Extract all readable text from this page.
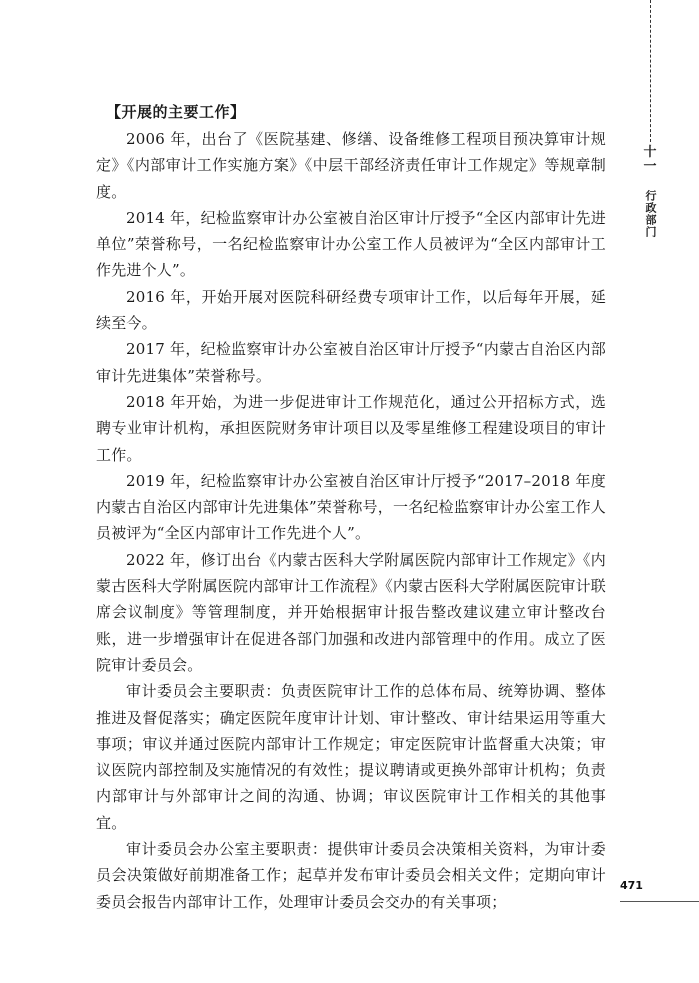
十一
行政部门
【开展的主要工作】

2006 年，出台了《医院基建、修缮、设备维修工程项目预决算审计规定》《内部审计工作实施方案》《中层干部经济责任审计工作规定》等规章制度。

2014 年，纪检监察审计办公室被自治区审计厅授予“全区内部审计先进单位”荣誉称号，一名纪检监察审计办公室工作人员被评为“全区内部审计工作先进个人”。

2016 年，开始开展对医院科研经费专项审计工作，以后每年开展，延续至今。

2017 年，纪检监察审计办公室被自治区审计厅授予“内蒙古自治区内部审计先进集体”荣誉称号。

2018 年开始，为进一步促进审计工作规范化，通过公开招标方式，选聘专业审计机构，承担医院财务审计项目以及零星维修工程建设项目的审计工作。

2019 年，纪检监察审计办公室被自治区审计厅授予“2017–2018 年度内蒙古自治区内部审计先进集体”荣誉称号，一名纪检监察审计办公室工作人员被评为“全区内部审计工作先进个人”。

2022 年，修订出台《内蒙古医科大学附属医院内部审计工作规定》《内蒙古医科大学附属医院内部审计工作流程》《内蒙古医科大学附属医院审计联席会议制度》等管理制度，并开始根据审计报告整改建议建立审计整改台账，进一步增强审计在促进各部门加强和改进内部管理中的作用。成立了医院审计委员会。

审计委员会主要职责：负责医院审计工作的总体布局、统筹协调、整体推进及督促落实；确定医院年度审计计划、审计整改、审计结果运用等重大事项；审议并通过医院内部审计工作规定；审定医院审计监督重大决策；审议医院内部控制及实施情况的有效性；提议聘请或更换外部审计机构；负责内部审计与外部审计之间的沟通、协调；审议医院审计工作相关的其他事宜。

审计委员会办公室主要职责：提供审计委员会决策相关资料，为审计委员会决策做好前期准备工作；起草并发布审计委员会相关文件；定期向审计委员会报告内部审计工作，处理审计委员会交办的有关事项；

471
